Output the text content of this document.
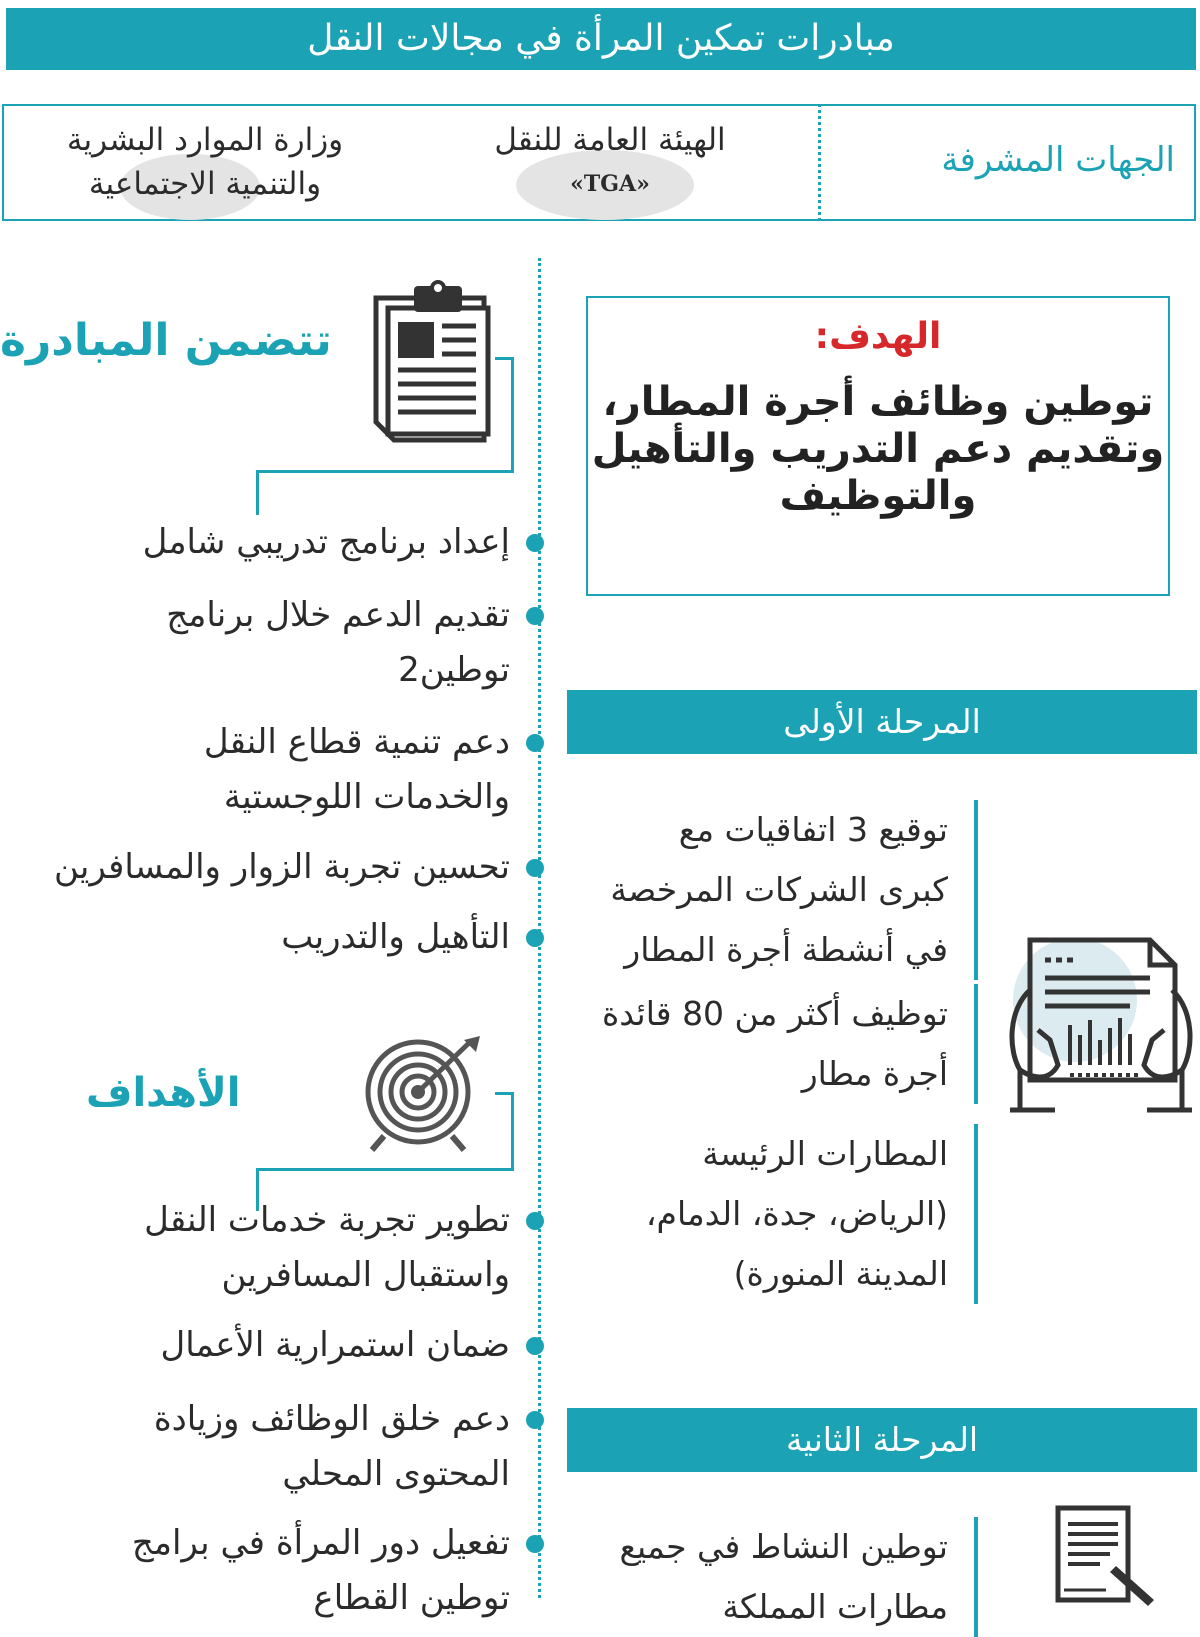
مبادرات تمكين المرأة في مجالات النقل
الجهات المشرفة
الهيئة العامة للنقل
«TGA»
وزارة الموارد البشرية
والتنمية الاجتماعية
الهدف:
توطين وظائف أجرة المطار،
وتقديم دعم التدريب والتأهيل
والتوظيف
المرحلة الأولى
توقيع 3 اتفاقيات مع
كبرى الشركات المرخصة
في أنشطة أجرة المطار
توظيف أكثر من 80 قائدة
أجرة مطار
المطارات الرئيسة
(الرياض، جدة، الدمام،
المدينة المنورة)
المرحلة الثانية
توطين النشاط في جميع
مطارات المملكة
تتضمن المبادرة
إعداد برنامج تدريبي شامل
تقديم الدعم خلال برنامج
توطين2
دعم تنمية قطاع النقل
والخدمات اللوجستية
تحسين تجربة الزوار والمسافرين
التأهيل والتدريب
الأهداف
تطوير تجربة خدمات النقل
واستقبال المسافرين
ضمان استمرارية الأعمال
دعم خلق الوظائف وزيادة
المحتوى المحلي
تفعيل دور المرأة في برامج
توطين القطاع
